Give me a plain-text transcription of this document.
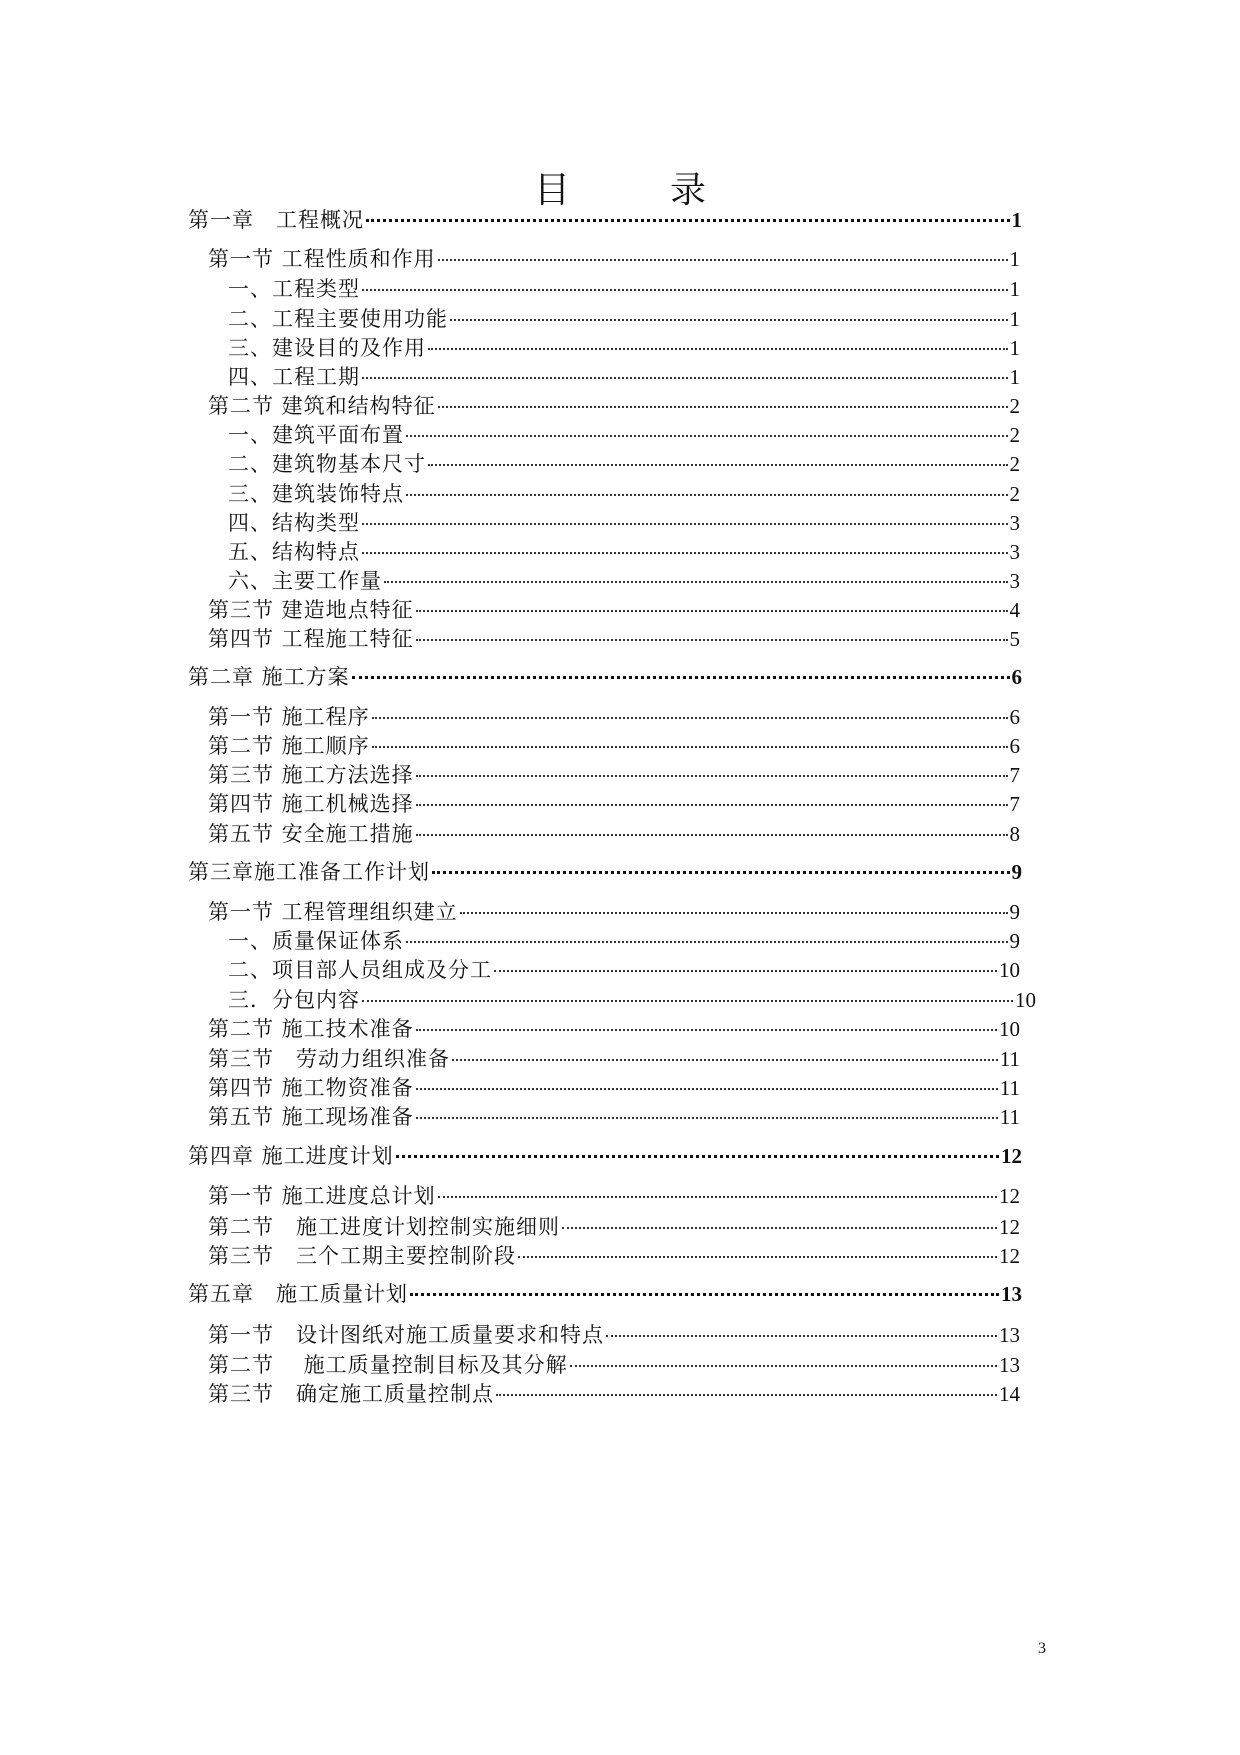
目	录
第一章　工程概况	1
第一节 工程性质和作用	1
一、工程类型	1
二、工程主要使用功能	1
三、建设目的及作用	1
四、工程工期	1
第二节 建筑和结构特征	2
一、建筑平面布置	2
二、建筑物基本尺寸	2
三、建筑装饰特点	2
四、结构类型	3
五、结构特点	3
六、主要工作量	3
第三节 建造地点特征	4
第四节 工程施工特征	5
第二章 施工方案	6
第一节 施工程序	6
第二节 施工顺序	6
第三节 施工方法选择	7
第四节 施工机械选择	7
第五节 安全施工措施	8
第三章施工准备工作计划	9
第一节 工程管理组织建立	9
一、质量保证体系	9
二、项目部人员组成及分工	10
三．分包内容	10
第二节 施工技术准备	10
第三节　劳动力组织准备	11
第四节 施工物资准备	11
第五节 施工现场准备	11
第四章 施工进度计划	12
第一节 施工进度总计划	12
第二节　施工进度计划控制实施细则	12
第三节　三个工期主要控制阶段	12
第五章　施工质量计划	13
第一节　设计图纸对施工质量要求和特点	13
第二节　 施工质量控制目标及其分解	13
第三节　确定施工质量控制点	14
3
